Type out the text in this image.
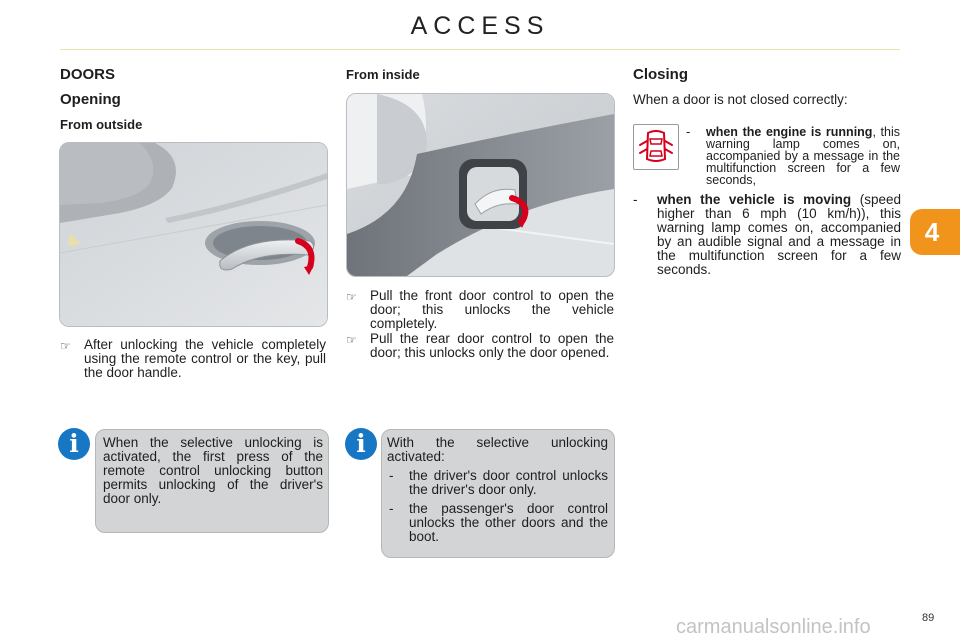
ACCESS
DOORS
Opening
From outside
☞ After unlocking the vehicle completely using the remote control or the key, pull the door handle.
When the selective unlocking is activated, the first press of the remote control unlocking button permits unlocking of the driver's door only.
i
From inside
☞ Pull the front door control to open the door; this unlocks the vehicle completely.
☞ Pull the rear door control to open the door; this unlocks only the door opened.
With the selective unlocking activated:
-	the driver's door control unlocks the driver's door only.
-	the passenger's door control unlocks the other doors and the boot.
i
Closing
When a door is not closed correctly:
-	when the engine is running, this warning lamp comes on, accompanied by a message in the multifunction screen for a few seconds,
-	when the vehicle is moving (speed higher than 6 mph (10 km/h)), this warning lamp comes on, accompanied by an audible signal and a message in the multifunction screen for a few seconds.
4
carmanualsonline.info	89
